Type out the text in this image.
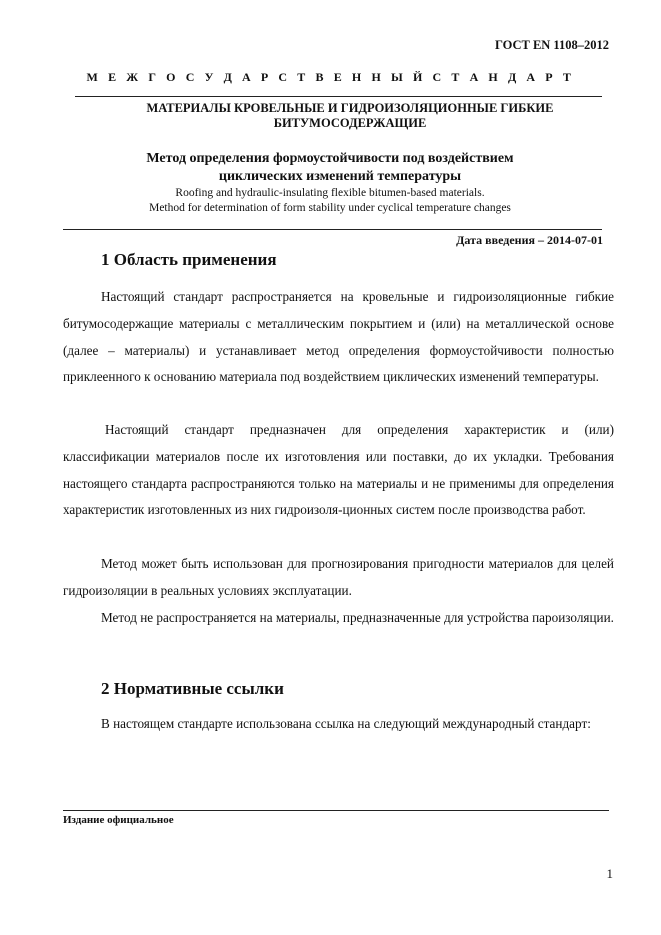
ГОСТ EN 1108–2012
М Е Ж Г О С У Д А Р С Т В Е Н Н Ы Й С Т А Н Д А Р Т
МАТЕРИАЛЫ КРОВЕЛЬНЫЕ И ГИДРОИЗОЛЯЦИОННЫЕ ГИБКИЕ
БИТУМОСОДЕРЖАЩИЕ
Метод определения формоустойчивости под воздействием
циклических изменений температуры
Roofing and hydraulic-insulating flexible bitumen-based materials.
Method for determination of form stability under cyclical temperature changes
Дата введения – 2014-07-01
1 Область применения

Настоящий стандарт распространяется на кровельные и гидроизоляционные гибкие битумосодержащие материалы с металлическим покрытием и (или) на металлической основе (далее – материалы) и устанавливает метод определения формоустойчивости полностью приклеенного к основанию материала под воздействием циклических изменений температуры.

Настоящий стандарт предназначен для определения характеристик и (или) классификации материалов после их изготовления или поставки, до их укладки. Требования настоящего стандарта распространяются только на материалы и не применимы для определения характеристик изготовленных из них гидроизоля-ционных систем после производства работ.

Метод может быть использован для прогнозирования пригодности материалов для целей гидроизоляции в реальных условиях эксплуатации.

Метод не распространяется на материалы, предназначенные для устройства пароизоляции.

2 Нормативные ссылки

В настоящем стандарте использована ссылка на следующий международный стандарт:

Издание официальное
1
